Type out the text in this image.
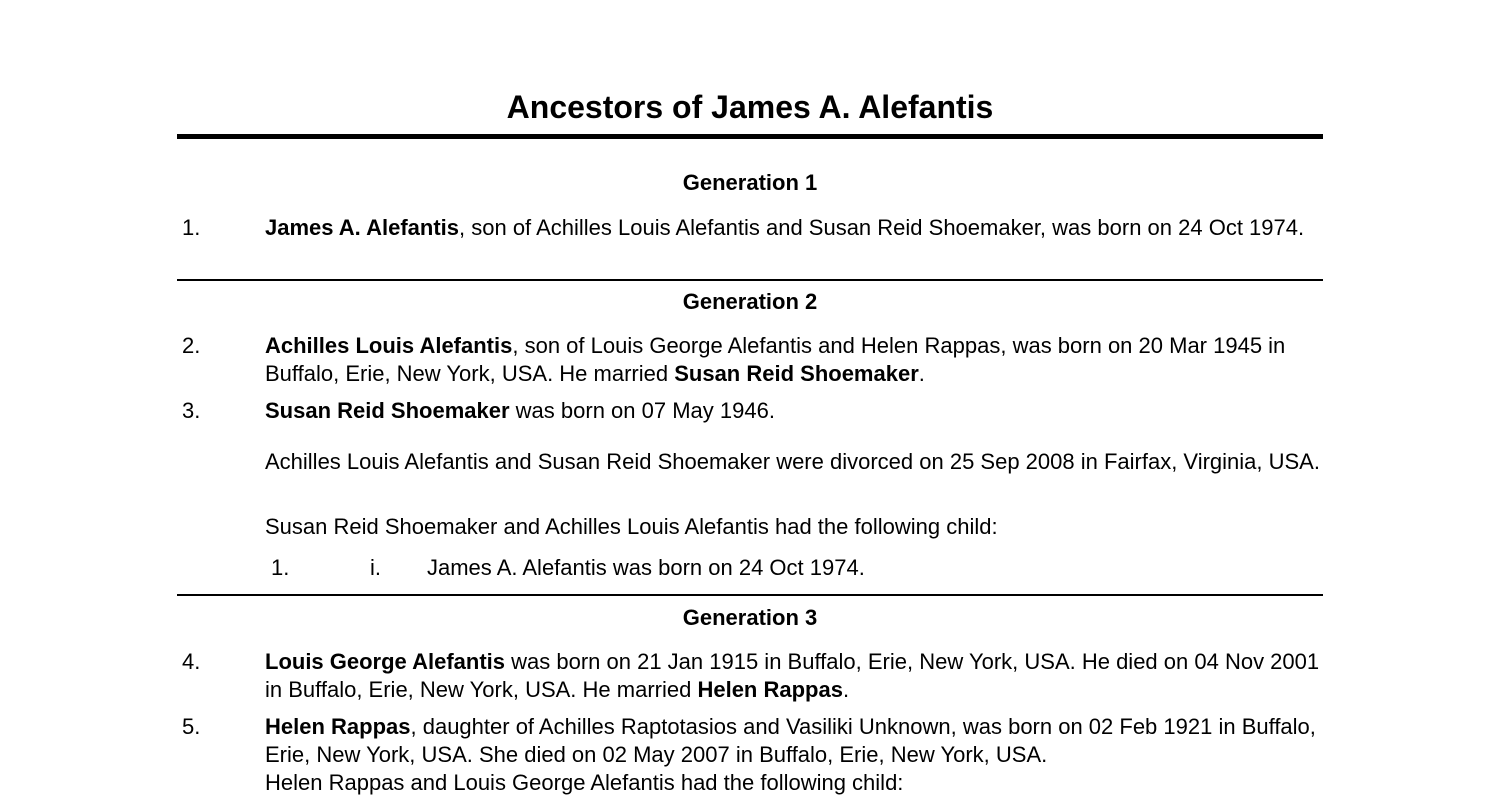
Ancestors of James A. Alefantis
Generation 1
1.	James A. Alefantis, son of Achilles Louis Alefantis and Susan Reid Shoemaker, was born on 24 Oct 1974.
Generation 2
2.	Achilles Louis Alefantis, son of Louis George Alefantis and Helen Rappas, was born on 20 Mar 1945 in Buffalo, Erie, New York, USA. He married Susan Reid Shoemaker.
3.	Susan Reid Shoemaker was born on 07 May 1946.
Achilles Louis Alefantis and Susan Reid Shoemaker were divorced on 25 Sep 2008 in Fairfax, Virginia, USA.
Susan Reid Shoemaker and Achilles Louis Alefantis had the following child:
1.	i. James A. Alefantis was born on 24 Oct 1974.
Generation 3
4.	Louis George Alefantis was born on 21 Jan 1915 in Buffalo, Erie, New York, USA. He died on 04 Nov 2001 in Buffalo, Erie, New York, USA. He married Helen Rappas.
5.	Helen Rappas, daughter of Achilles Raptotasios and Vasiliki Unknown, was born on 02 Feb 1921 in Buffalo, Erie, New York, USA. She died on 02 May 2007 in Buffalo, Erie, New York, USA.
Helen Rappas and Louis George Alefantis had the following child:
